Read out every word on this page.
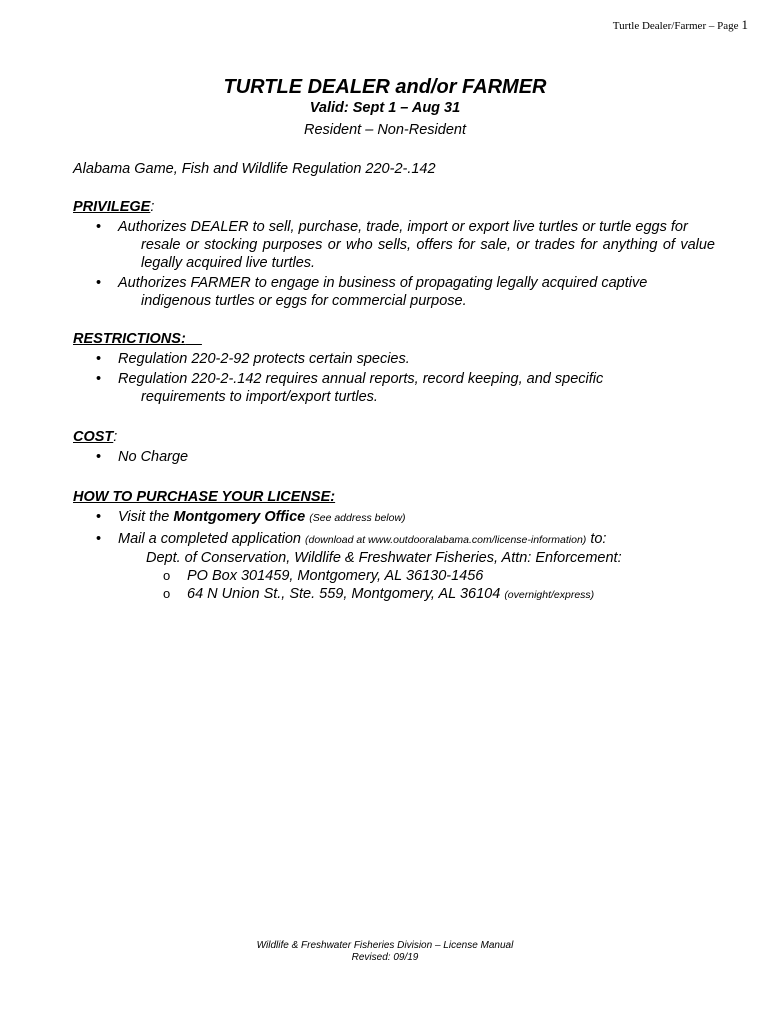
Turtle Dealer/Farmer – Page 1
TURTLE DEALER and/or FARMER
Valid: Sept 1 – Aug 31
Resident – Non-Resident
Alabama Game, Fish and Wildlife Regulation 220-2-.142
PRIVILEGE:
• Authorizes DEALER to sell, purchase, trade, import or export live turtles or turtle eggs for
resale or stocking purposes or who sells, offers for sale, or trades for anything of value legally acquired live turtles.
• Authorizes FARMER to engage in business of propagating legally acquired captive
indigenous turtles or eggs for commercial purpose.
RESTRICTIONS:
• Regulation 220-2-92 protects certain species.
• Regulation 220-2-.142 requires annual reports, record keeping, and specific
requirements to import/export turtles.
COST:
• No Charge
HOW TO PURCHASE YOUR LICENSE:
• Visit the Montgomery Office (See address below)
• Mail a completed application (download at www.outdooralabama.com/license-information) to:
Dept. of Conservation, Wildlife & Freshwater Fisheries, Attn: Enforcement:
o PO Box 301459, Montgomery, AL 36130-1456
o 64 N Union St., Ste. 559, Montgomery, AL 36104 (overnight/express)
Wildlife & Freshwater Fisheries Division – License Manual
Revised: 09/19
